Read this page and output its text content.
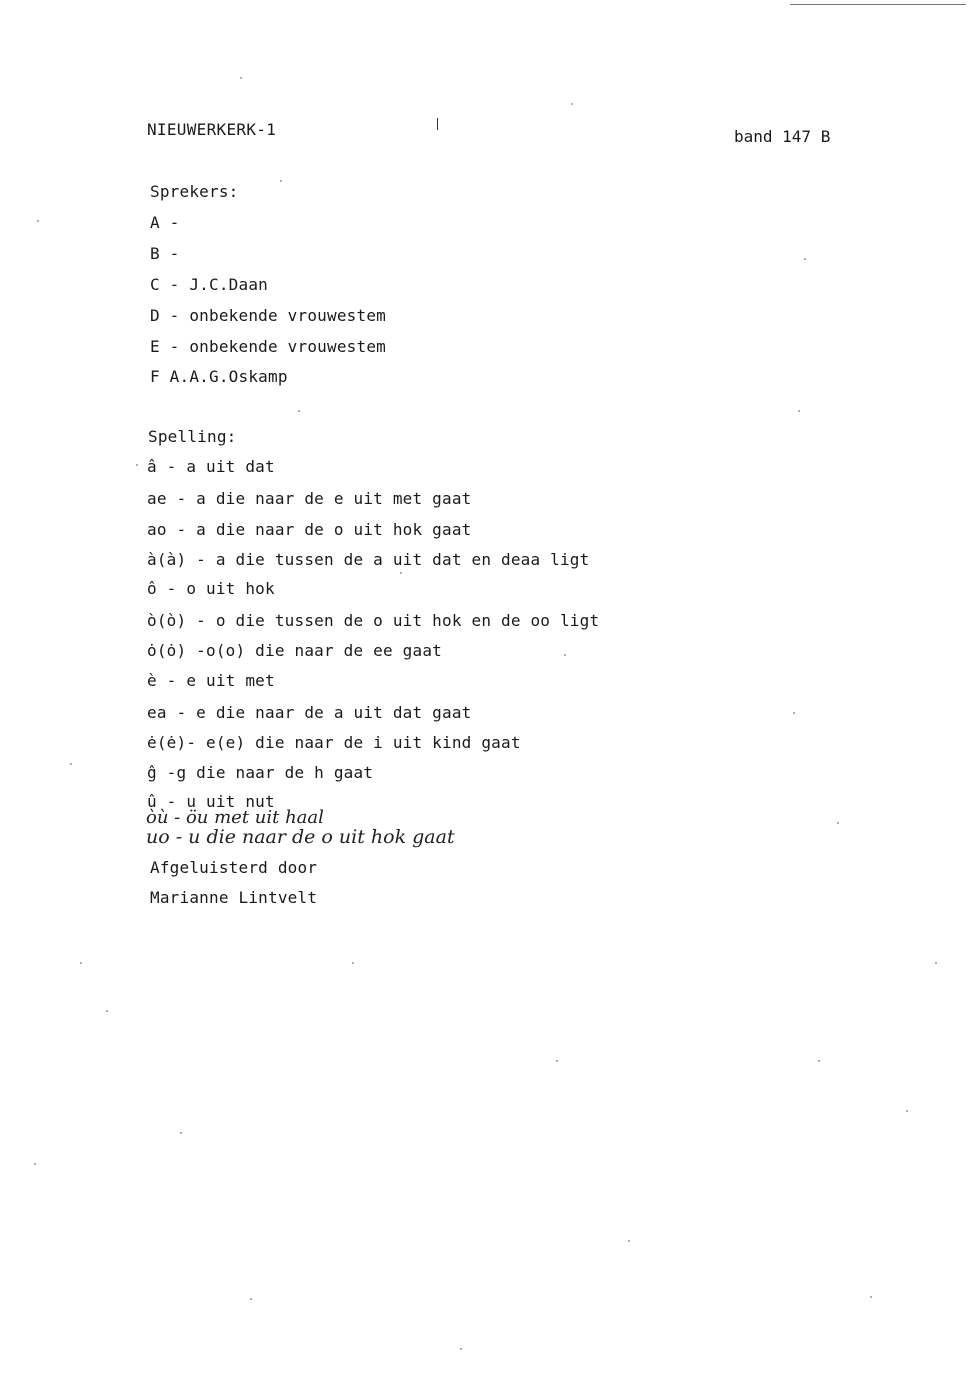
NIEUWERKERK-1	band 147 B
Sprekers:
A -
B -
C - J.C.Daan
D - onbekende vrouwestem
E - onbekende vrouwestem
F A.A.G.Oskamp
Spelling:
â - a uit dat
ae - a die naar de e uit met gaat
ao - a die naar de o uit hok gaat
à(à) - a die tussen de a uit dat en deaa ligt
ô - o uit hok
ò(ò) - o die tussen de o uit hok en de oo ligt
ȯ(ȯ) -o(o) die naar de ee gaat
è - e uit met
ea - e die naar de a uit dat gaat
ė(ė)- e(e) die naar de i uit kind gaat
ĝ -g die naar de h gaat
û - u uit nut
òù - öu met uit haal
uo - u die naar de o uit hok gaat
Afgeluisterd door
Marianne Lintvelt
